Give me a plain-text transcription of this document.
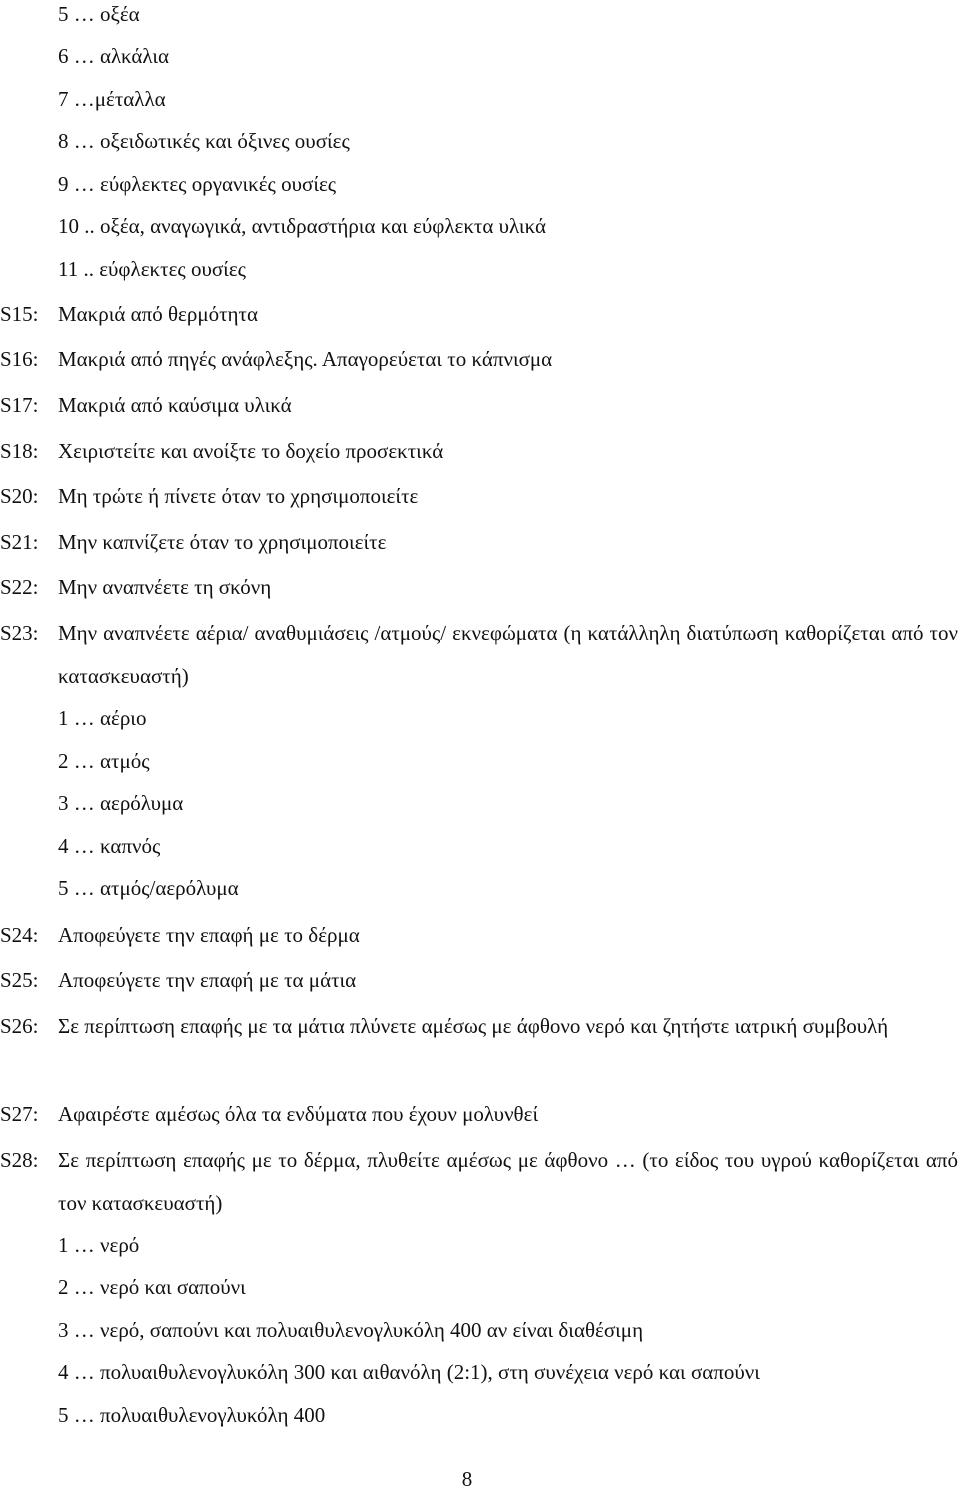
5 … οξέα
6 … αλκάλια
7 …μέταλλα
8 … οξειδωτικές και όξινες ουσίες
9 … εύφλεκτες οργανικές ουσίες
10 .. οξέα, αναγωγικά, αντιδραστήρια και εύφλεκτα υλικά
11 .. εύφλεκτες ουσίες
S15: Μακριά από θερμότητα
S16: Μακριά από πηγές ανάφλεξης. Απαγορεύεται το κάπνισμα
S17: Μακριά από καύσιμα υλικά
S18: Χειριστείτε και ανοίξτε το δοχείο προσεκτικά
S20: Μη τρώτε ή πίνετε όταν το χρησιμοποιείτε
S21: Μην καπνίζετε όταν το χρησιμοποιείτε
S22: Μην αναπνέετε τη σκόνη
S23: Μην αναπνέετε αέρια/ αναθυμιάσεις /ατμούς/ εκνεφώματα (η κατάλληλη διατύπωση καθορίζεται από τον κατασκευαστή)
1 … αέριο
2 … ατμός
3 … αερόλυμα
4 … καπνός
5 … ατμός/αερόλυμα
S24: Αποφεύγετε την επαφή με το δέρμα
S25: Αποφεύγετε την επαφή με τα μάτια
S26: Σε περίπτωση επαφής με τα μάτια πλύνετε αμέσως με άφθονο νερό και ζητήστε ιατρική συμβουλή
S27: Αφαιρέστε αμέσως όλα τα ενδύματα που έχουν μολυνθεί
S28: Σε περίπτωση επαφής με το δέρμα, πλυθείτε αμέσως με άφθονο … (το είδος του υγρού καθορίζεται από τον κατασκευαστή)
1 … νερό
2 … νερό και σαπούνι
3 … νερό, σαπούνι και πολυαιθυλενογλυκόλη 400 αν είναι διαθέσιμη
4 … πολυαιθυλενογλυκόλη 300 και αιθανόλη (2:1), στη συνέχεια νερό και σαπούνι
5 … πολυαιθυλενογλυκόλη 400
8
